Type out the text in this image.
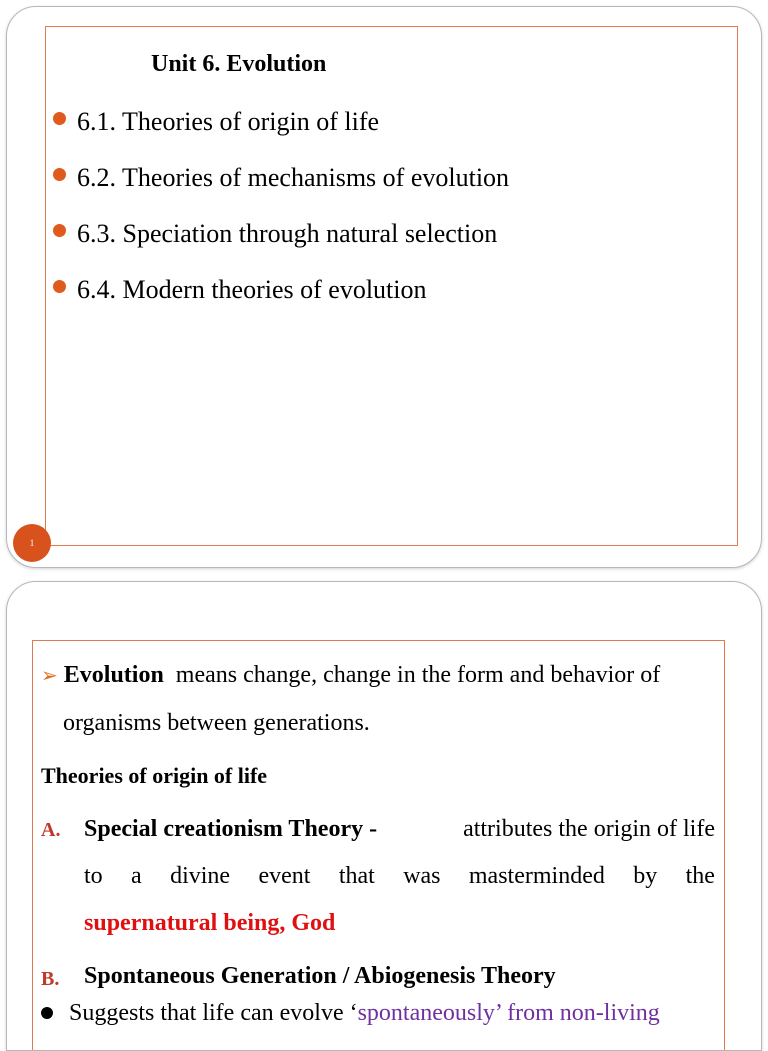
Unit 6. Evolution
6.1. Theories of origin of life
6.2. Theories of mechanisms of evolution
6.3. Speciation through natural selection
6.4. Modern theories of evolution
1
➢ Evolution means change, change in the form and behavior of
organisms between generations.
Theories of origin of life
A. Special creationism Theory -	attributes the origin of life
to a divine event that was masterminded by the
supernatural being, God
B. Spontaneous Generation / Abiogenesis Theory
Suggests that life can evolve ‘spontaneously’ from non-living
